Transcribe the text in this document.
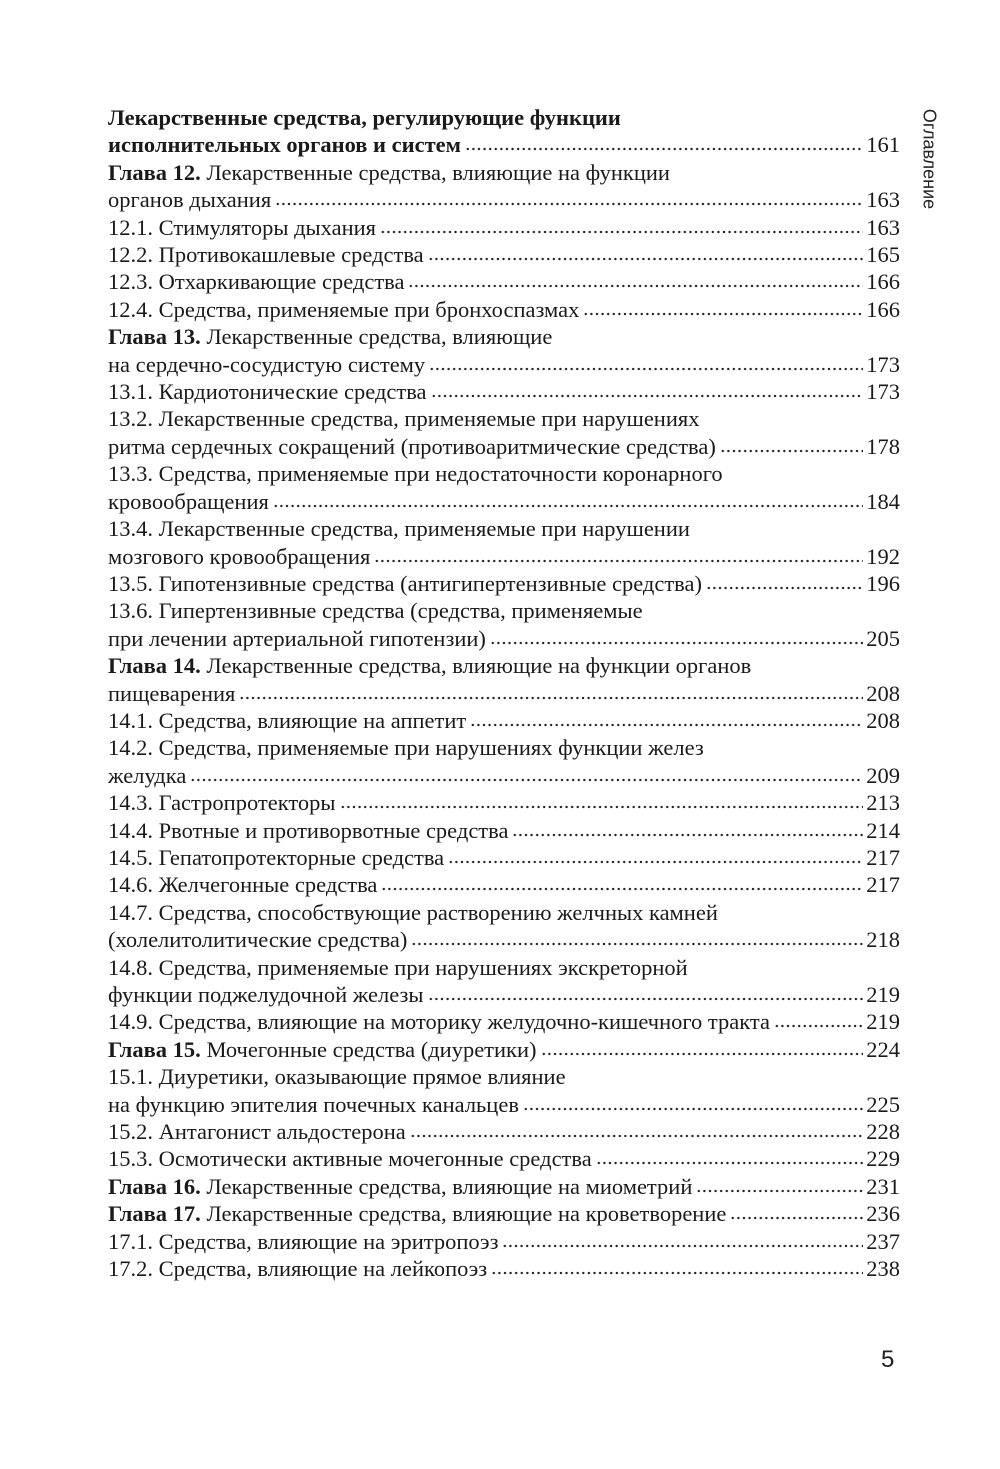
Лекарственные средства, регулирующие функции
исполнительных органов и систем	161
Глава 12. Лекарственные средства, влияющие на функции
органов дыхания	163
12.1. Стимуляторы дыхания	163
12.2. Противокашлевые средства	165
12.3. Отхаркивающие средства	166
12.4. Средства, применяемые при бронхоспазмах	166
Глава 13. Лекарственные средства, влияющие
на сердечно-сосудистую систему	173
13.1. Кардиотонические средства	173
13.2. Лекарственные средства, применяемые при нарушениях
ритма сердечных сокращений (противоаритмические средства)	178
13.3. Средства, применяемые при недостаточности коронарного
кровообращения	184
13.4. Лекарственные средства, применяемые при нарушении
мозгового кровообращения	192
13.5. Гипотензивные средства (антигипертензивные средства)	196
13.6. Гипертензивные средства (средства, применяемые
при лечении артериальной гипотензии)	205
Глава 14. Лекарственные средства, влияющие на функции органов
пищеварения	208
14.1. Средства, влияющие на аппетит	208
14.2. Средства, применяемые при нарушениях функции желез
желудка	209
14.3. Гастропротекторы	213
14.4. Рвотные и противорвотные средства	214
14.5. Гепатопротекторные средства	217
14.6. Желчегонные средства	217
14.7. Средства, способствующие растворению желчных камней
(холелитолитические средства)	218
14.8. Средства, применяемые при нарушениях экскреторной
функции поджелудочной железы	219
14.9. Средства, влияющие на моторику желудочно-кишечного тракта	219
Глава 15. Мочегонные средства (диуретики)	224
15.1. Диуретики, оказывающие прямое влияние
на функцию эпителия почечных канальцев	225
15.2. Антагонист альдостерона	228
15.3. Осмотически активные мочегонные средства	229
Глава 16. Лекарственные средства, влияющие на миометрий	231
Глава 17. Лекарственные средства, влияющие на кроветворение	236
17.1. Средства, влияющие на эритропоэз	237
17.2. Средства, влияющие на лейкопоэз	238
Оглавление
5
